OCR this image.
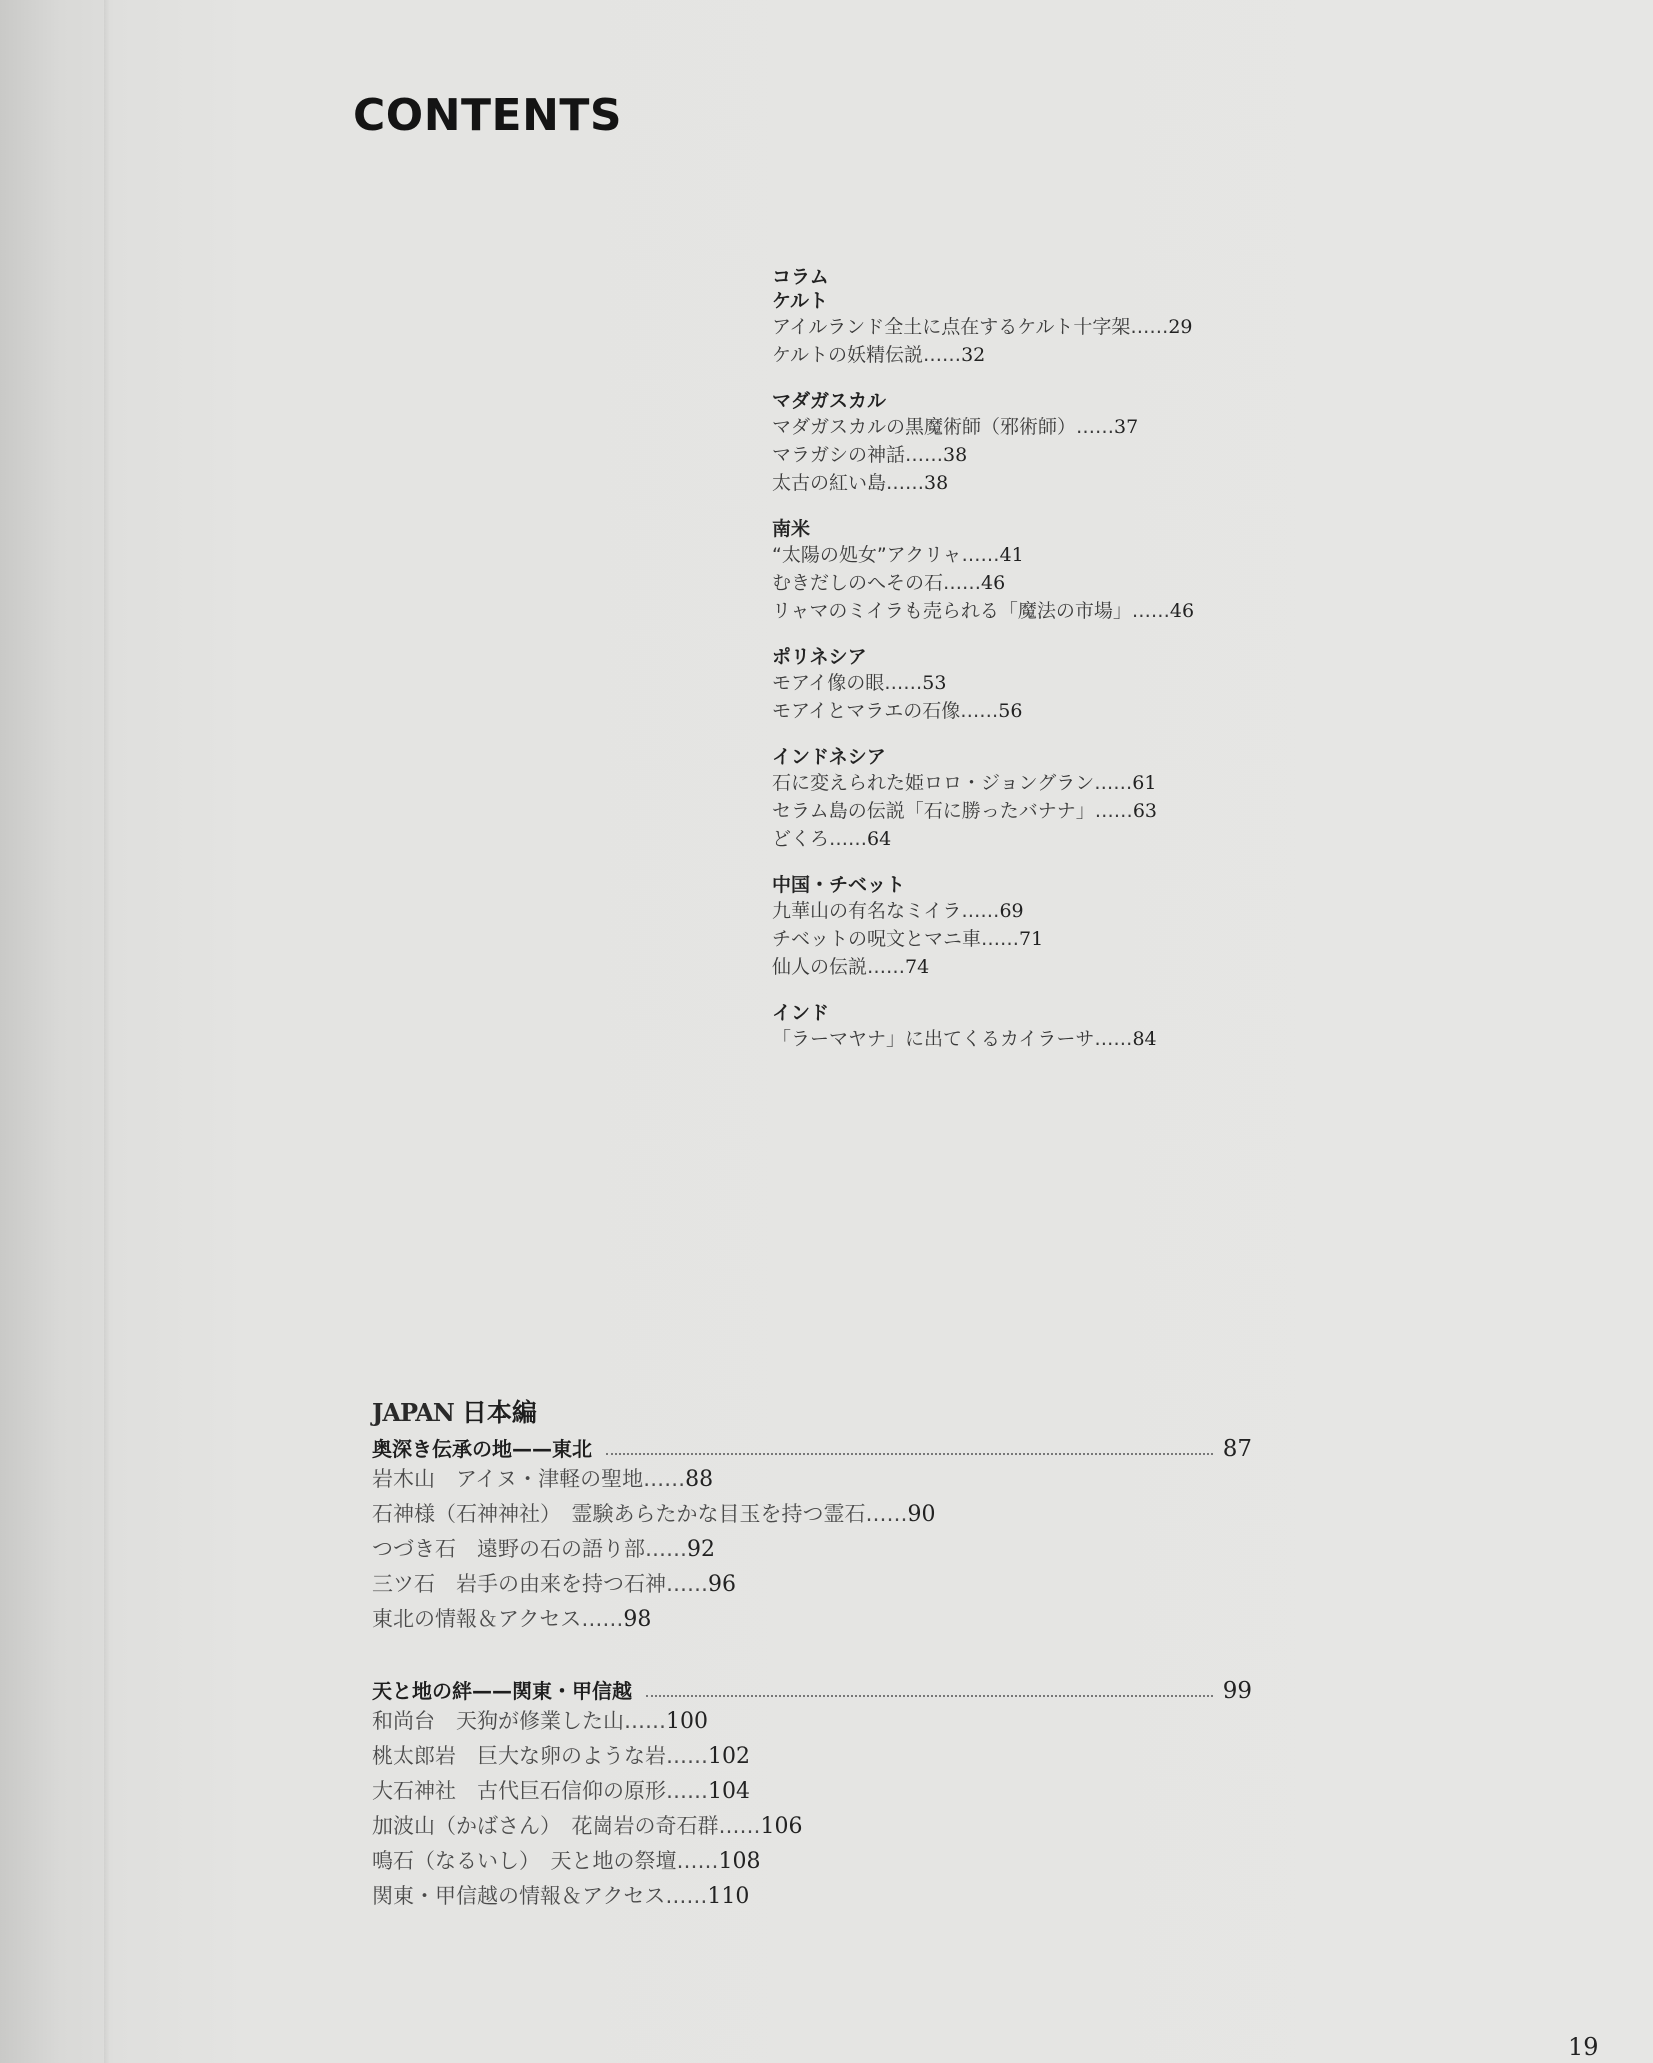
CONTENTS
コラム
ケルト
アイルランド全土に点在するケルト十字架……29
ケルトの妖精伝説……32
マダガスカル
マダガスカルの黒魔術師（邪術師）……37
マラガシの神話……38
太古の紅い島……38
南米
“太陽の処女”アクリャ……41
むきだしのへその石……46
リャマのミイラも売られる「魔法の市場」……46
ポリネシア
モアイ像の眼……53
モアイとマラエの石像……56
インドネシア
石に変えられた姫ロロ・ジョングラン……61
セラム島の伝説「石に勝ったバナナ」……63
どくろ……64
中国・チベット
九華山の有名なミイラ……69
チベットの呪文とマニ車……71
仙人の伝説……74
インド
「ラーマヤナ」に出てくるカイラーサ……84
JAPAN 日本編
奥深き伝承の地——東北	87
岩木山　アイヌ・津軽の聖地……88
石神様（石神神社）　霊験あらたかな目玉を持つ霊石……90
つづき石　遠野の石の語り部……92
三ツ石　岩手の由来を持つ石神……96
東北の情報＆アクセス……98
天と地の絆——関東・甲信越	99
和尚台　天狗が修業した山……100
桃太郎岩　巨大な卵のような岩……102
大石神社　古代巨石信仰の原形……104
加波山（かばさん）　花崗岩の奇石群……106
鳴石（なるいし）　天と地の祭壇……108
関東・甲信越の情報＆アクセス……110
19
